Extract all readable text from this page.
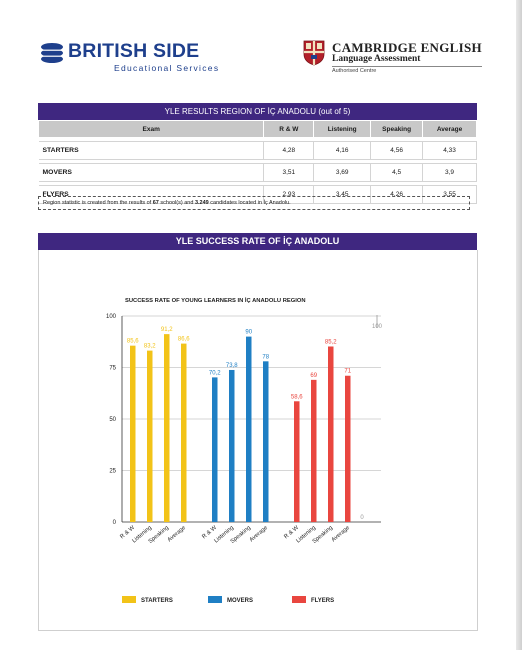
BRITISH SIDE
Educational Services
CAMBRIDGE ENGLISH
Language Assessment
Authorised Centre
YLE RESULTS REGION OF İÇ ANADOLU (out of 5)
Exam	R & W	Listening	Speaking	Average

STARTERS	4,28	4,16	4,56	4,33

MOVERS	3,51	3,69	4,5	3,9

FLYERS	2,93	3,45	4,26	3,55
Region statistic is created from the results of 67 school(s) and 3.249 candidates located in İç Anadolu.
YLE SUCCESS RATE OF İÇ ANADOLU
SUCCESS RATE OF YOUNG LEARNERS IN İÇ ANADOLU REGION
0
25
50
75
100
100
0
85,6
R & W
83,2
Listening
91,2
Speaking
86,6
Average
70,2
R & W
73,8
Listening
90
Speaking
78
Average
58,6
R & W
69
Listening
85,2
Speaking
71
Average
STARTERS	MOVERS	FLYERS
